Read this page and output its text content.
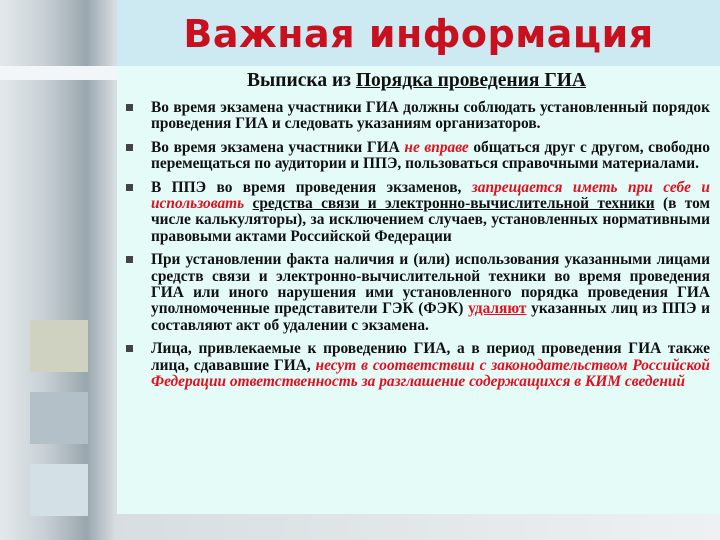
Важная информация
Выписка из Порядка проведения ГИА
Во время экзамена участники ГИА должны соблюдать установленный порядок проведения ГИА и следовать указаниям организаторов.
Во время экзамена участники ГИА не вправе общаться друг с другом, свободно перемещаться по аудитории и ППЭ, пользоваться справочными материалами.
В ППЭ во время проведения экзаменов, запрещается иметь при себе и использовать средства связи и электронно-вычислительной техники (в том числе калькуляторы), за исключением случаев, установленных нормативными правовыми актами Российской Федерации
При установлении факта наличия и (или) использования указанными лицами средств связи и электронно-вычислительной техники во время проведения ГИА или иного нарушения ими установленного порядка проведения ГИА уполномоченные представители ГЭК (ФЭК) удаляют указанных лиц из ППЭ и составляют акт об удалении с экзамена.
Лица, привлекаемые к проведению ГИА, а в период проведения ГИА также лица, сдававшие ГИА, несут в соответствии с законодательством Российской Федерации ответственность за разглашение содержащихся в КИМ сведений
